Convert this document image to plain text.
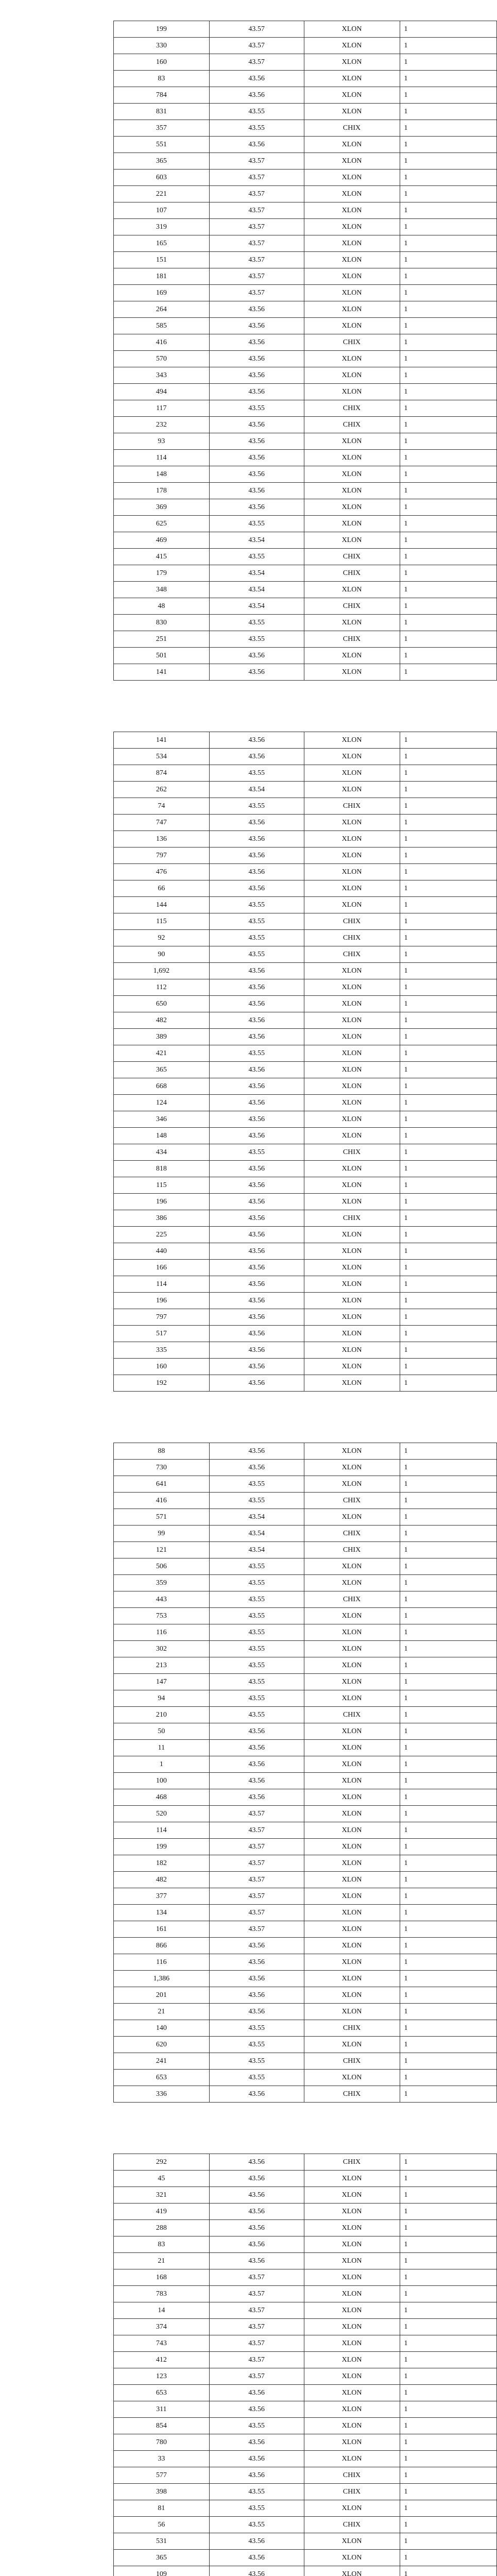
199	43.57	XLON	1
330	43.57	XLON	1
160	43.57	XLON	1
83	43.56	XLON	1
784	43.56	XLON	1
831	43.55	XLON	1
357	43.55	CHIX	1
551	43.56	XLON	1
365	43.57	XLON	1
603	43.57	XLON	1
221	43.57	XLON	1
107	43.57	XLON	1
319	43.57	XLON	1
165	43.57	XLON	1
151	43.57	XLON	1
181	43.57	XLON	1
169	43.57	XLON	1
264	43.56	XLON	1
585	43.56	XLON	1
416	43.56	CHIX	1
570	43.56	XLON	1
343	43.56	XLON	1
494	43.56	XLON	1
117	43.55	CHIX	1
232	43.56	CHIX	1
93	43.56	XLON	1
114	43.56	XLON	1
148	43.56	XLON	1
178	43.56	XLON	1
369	43.56	XLON	1
625	43.55	XLON	1
469	43.54	XLON	1
415	43.55	CHIX	1
179	43.54	CHIX	1
348	43.54	XLON	1
48	43.54	CHIX	1
830	43.55	XLON	1
251	43.55	CHIX	1
501	43.56	XLON	1
141	43.56	XLON	1
141	43.56	XLON	1
534	43.56	XLON	1
874	43.55	XLON	1
262	43.54	XLON	1
74	43.55	CHIX	1
747	43.56	XLON	1
136	43.56	XLON	1
797	43.56	XLON	1
476	43.56	XLON	1
66	43.56	XLON	1
144	43.55	XLON	1
115	43.55	CHIX	1
92	43.55	CHIX	1
90	43.55	CHIX	1
1,692	43.56	XLON	1
112	43.56	XLON	1
650	43.56	XLON	1
482	43.56	XLON	1
389	43.56	XLON	1
421	43.55	XLON	1
365	43.56	XLON	1
668	43.56	XLON	1
124	43.56	XLON	1
346	43.56	XLON	1
148	43.56	XLON	1
434	43.55	CHIX	1
818	43.56	XLON	1
115	43.56	XLON	1
196	43.56	XLON	1
386	43.56	CHIX	1
225	43.56	XLON	1
440	43.56	XLON	1
166	43.56	XLON	1
114	43.56	XLON	1
196	43.56	XLON	1
797	43.56	XLON	1
517	43.56	XLON	1
335	43.56	XLON	1
160	43.56	XLON	1
192	43.56	XLON	1
88	43.56	XLON	1
730	43.56	XLON	1
641	43.55	XLON	1
416	43.55	CHIX	1
571	43.54	XLON	1
99	43.54	CHIX	1
121	43.54	CHIX	1
506	43.55	XLON	1
359	43.55	XLON	1
443	43.55	CHIX	1
753	43.55	XLON	1
116	43.55	XLON	1
302	43.55	XLON	1
213	43.55	XLON	1
147	43.55	XLON	1
94	43.55	XLON	1
210	43.55	CHIX	1
50	43.56	XLON	1
11	43.56	XLON	1
1	43.56	XLON	1
100	43.56	XLON	1
468	43.56	XLON	1
520	43.57	XLON	1
114	43.57	XLON	1
199	43.57	XLON	1
182	43.57	XLON	1
482	43.57	XLON	1
377	43.57	XLON	1
134	43.57	XLON	1
161	43.57	XLON	1
866	43.56	XLON	1
116	43.56	XLON	1
1,386	43.56	XLON	1
201	43.56	XLON	1
21	43.56	XLON	1
140	43.55	CHIX	1
620	43.55	XLON	1
241	43.55	CHIX	1
653	43.55	XLON	1
336	43.56	CHIX	1
292	43.56	CHIX	1
45	43.56	XLON	1
321	43.56	XLON	1
419	43.56	XLON	1
288	43.56	XLON	1
83	43.56	XLON	1
21	43.56	XLON	1
168	43.57	XLON	1
783	43.57	XLON	1
14	43.57	XLON	1
374	43.57	XLON	1
743	43.57	XLON	1
412	43.57	XLON	1
123	43.57	XLON	1
653	43.56	XLON	1
311	43.56	XLON	1
854	43.55	XLON	1
780	43.56	XLON	1
33	43.56	XLON	1
577	43.56	CHIX	1
398	43.55	CHIX	1
81	43.55	XLON	1
56	43.55	CHIX	1
531	43.56	XLON	1
365	43.56	XLON	1
109	43.56	XLON	1
